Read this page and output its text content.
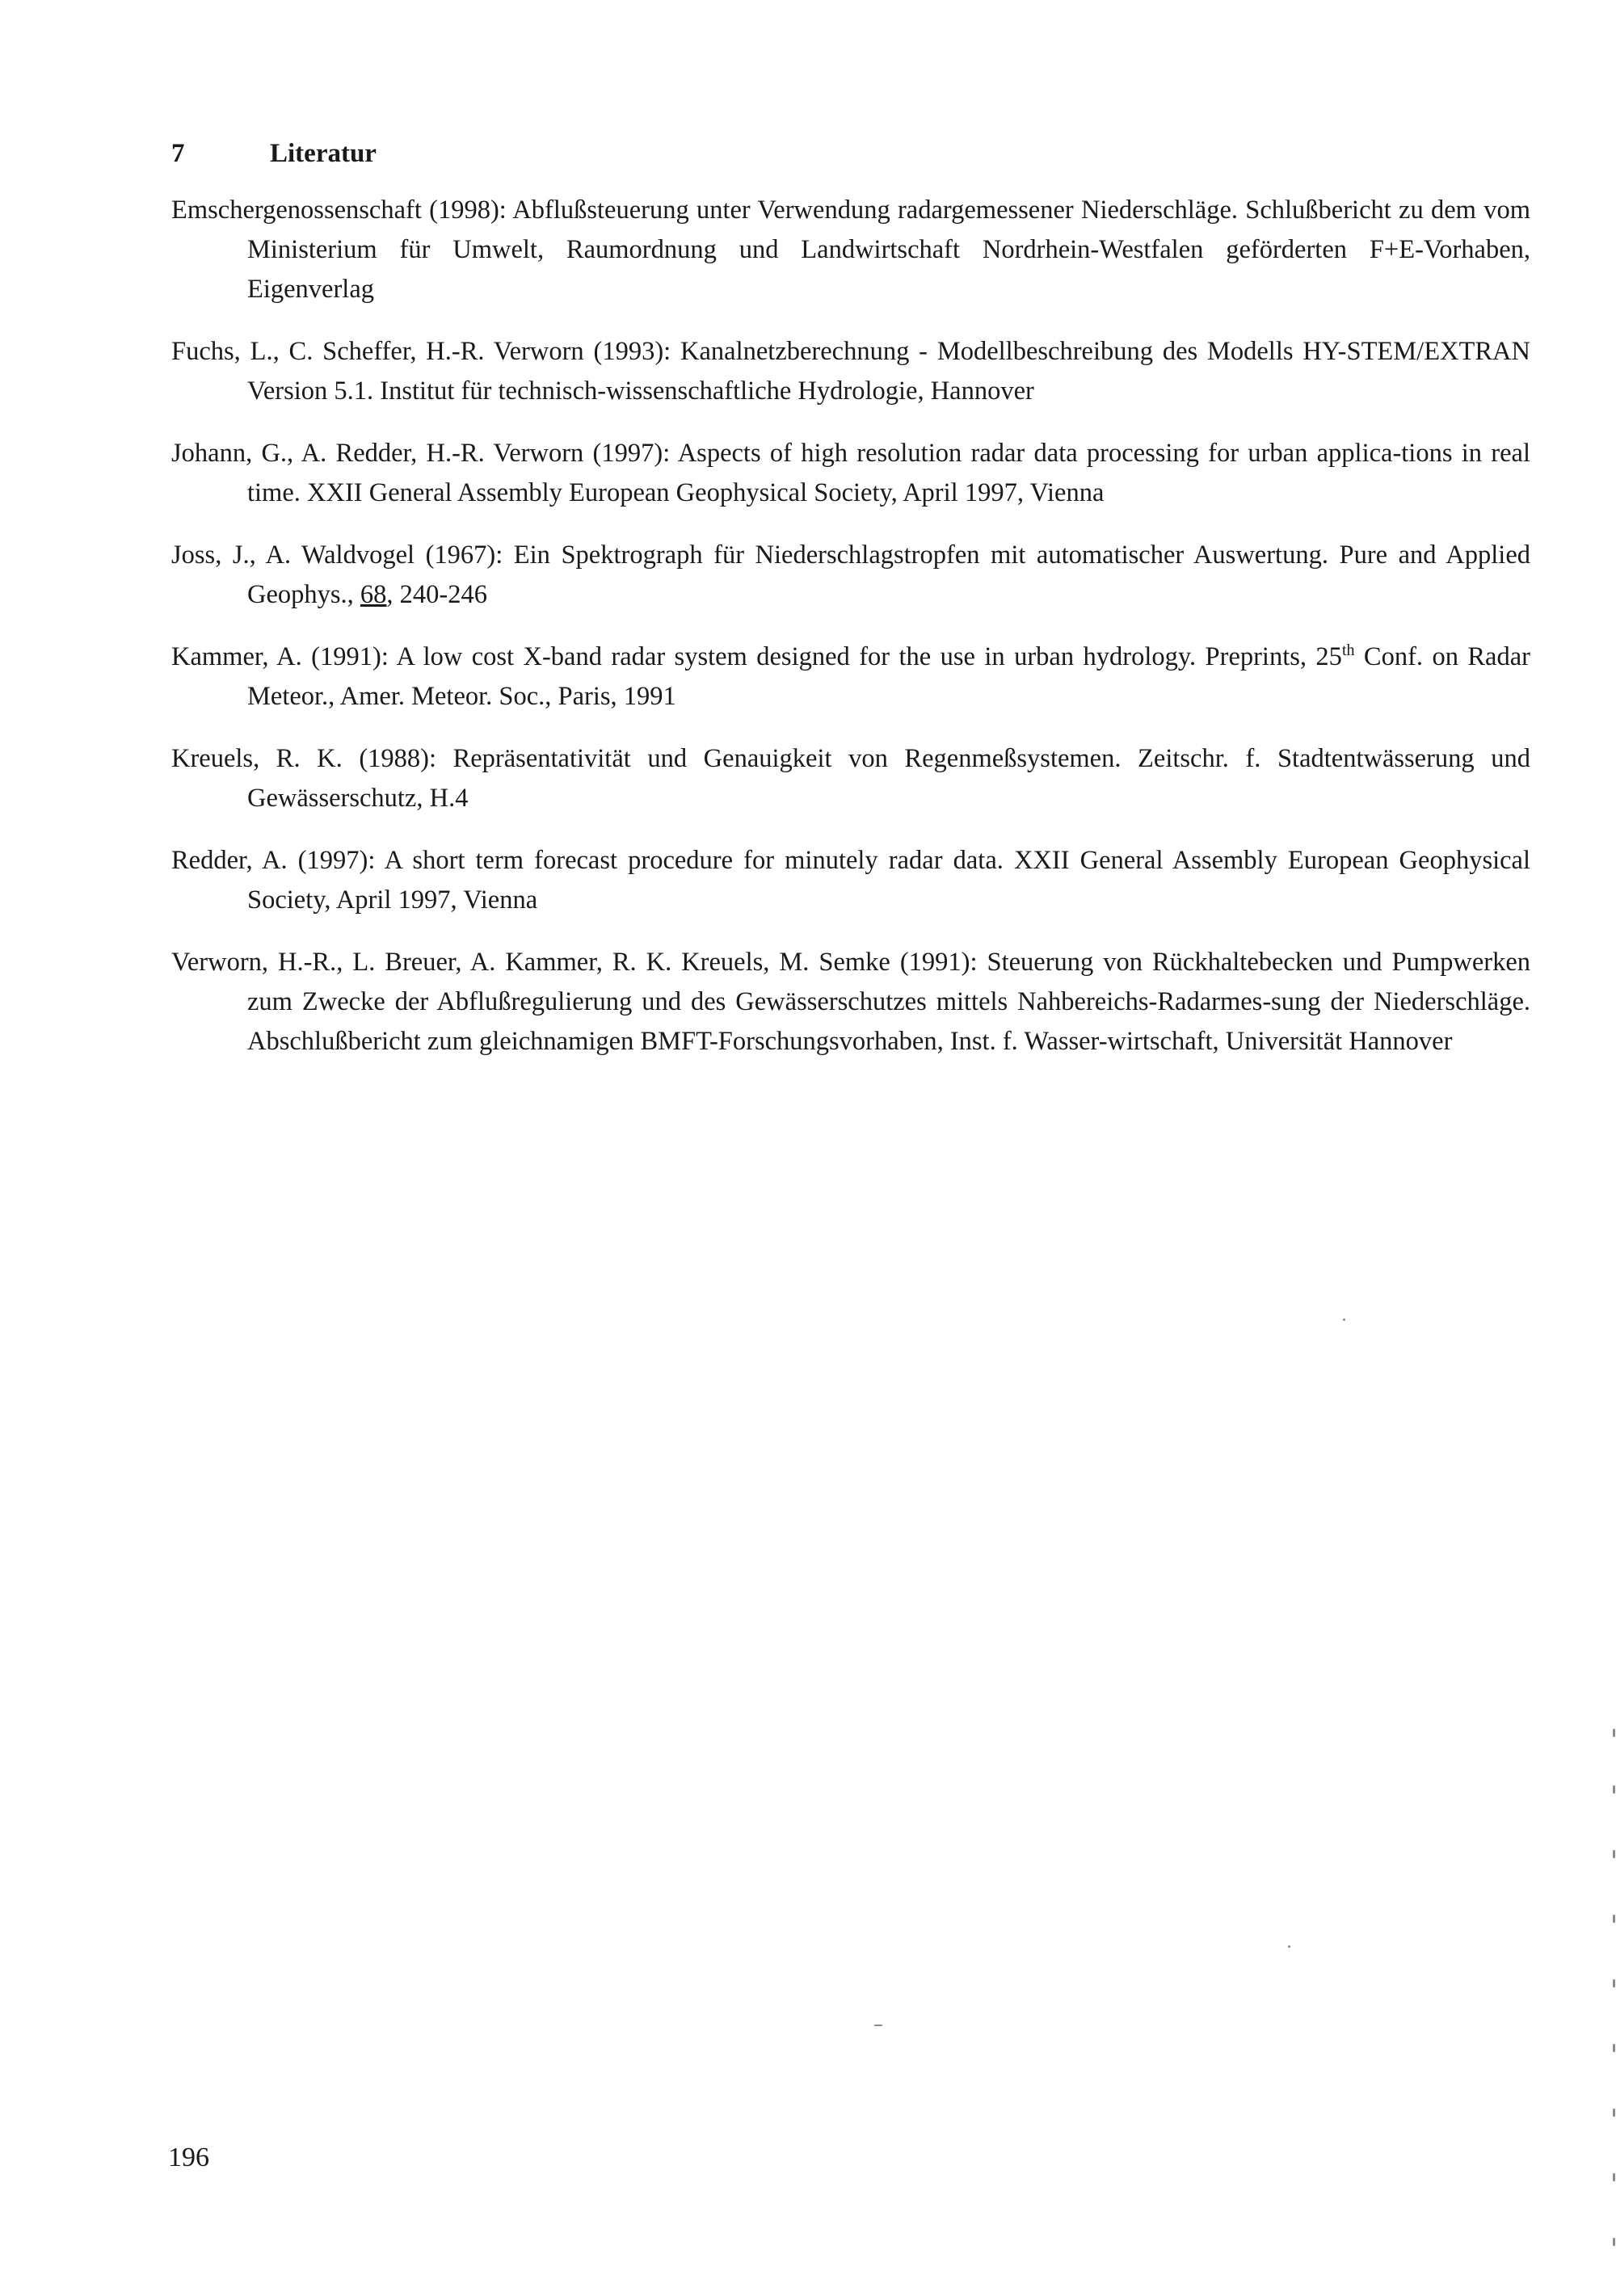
7	Literatur
Emschergenossenschaft (1998): Abflußsteuerung unter Verwendung radargemessener Niederschläge. Schlußbericht zu dem vom Ministerium für Umwelt, Raumordnung und Landwirtschaft Nordrhein-Westfalen geförderten F+E-Vorhaben, Eigenverlag
Fuchs, L., C. Scheffer, H.-R. Verworn (1993): Kanalnetzberechnung - Modellbeschreibung des Modells HY-STEM/EXTRAN Version 5.1. Institut für technisch-wissenschaftliche Hydrologie, Hannover
Johann, G., A. Redder, H.-R. Verworn (1997): Aspects of high resolution radar data processing for urban applica-tions in real time. XXII General Assembly European Geophysical Society, April 1997, Vienna
Joss, J., A. Waldvogel (1967): Ein Spektrograph für Niederschlagstropfen mit automatischer Auswertung. Pure and Applied Geophys., 68, 240-246
Kammer, A. (1991): A low cost X-band radar system designed for the use in urban hydrology. Preprints, 25th Conf. on Radar Meteor., Amer. Meteor. Soc., Paris, 1991
Kreuels, R. K. (1988): Repräsentativität und Genauigkeit von Regenmeßsystemen. Zeitschr. f. Stadtentwässerung und Gewässerschutz, H.4
Redder, A. (1997): A short term forecast procedure for minutely radar data. XXII General Assembly European Geophysical Society, April 1997, Vienna
Verworn, H.-R., L. Breuer, A. Kammer, R. K. Kreuels, M. Semke (1991): Steuerung von Rückhaltebecken und Pumpwerken zum Zwecke der Abflußregulierung und des Gewässerschutzes mittels Nahbereichs-Radarmes-sung der Niederschläge. Abschlußbericht zum gleichnamigen BMFT-Forschungsvorhaben, Inst. f. Wasser-wirtschaft, Universität Hannover
196
